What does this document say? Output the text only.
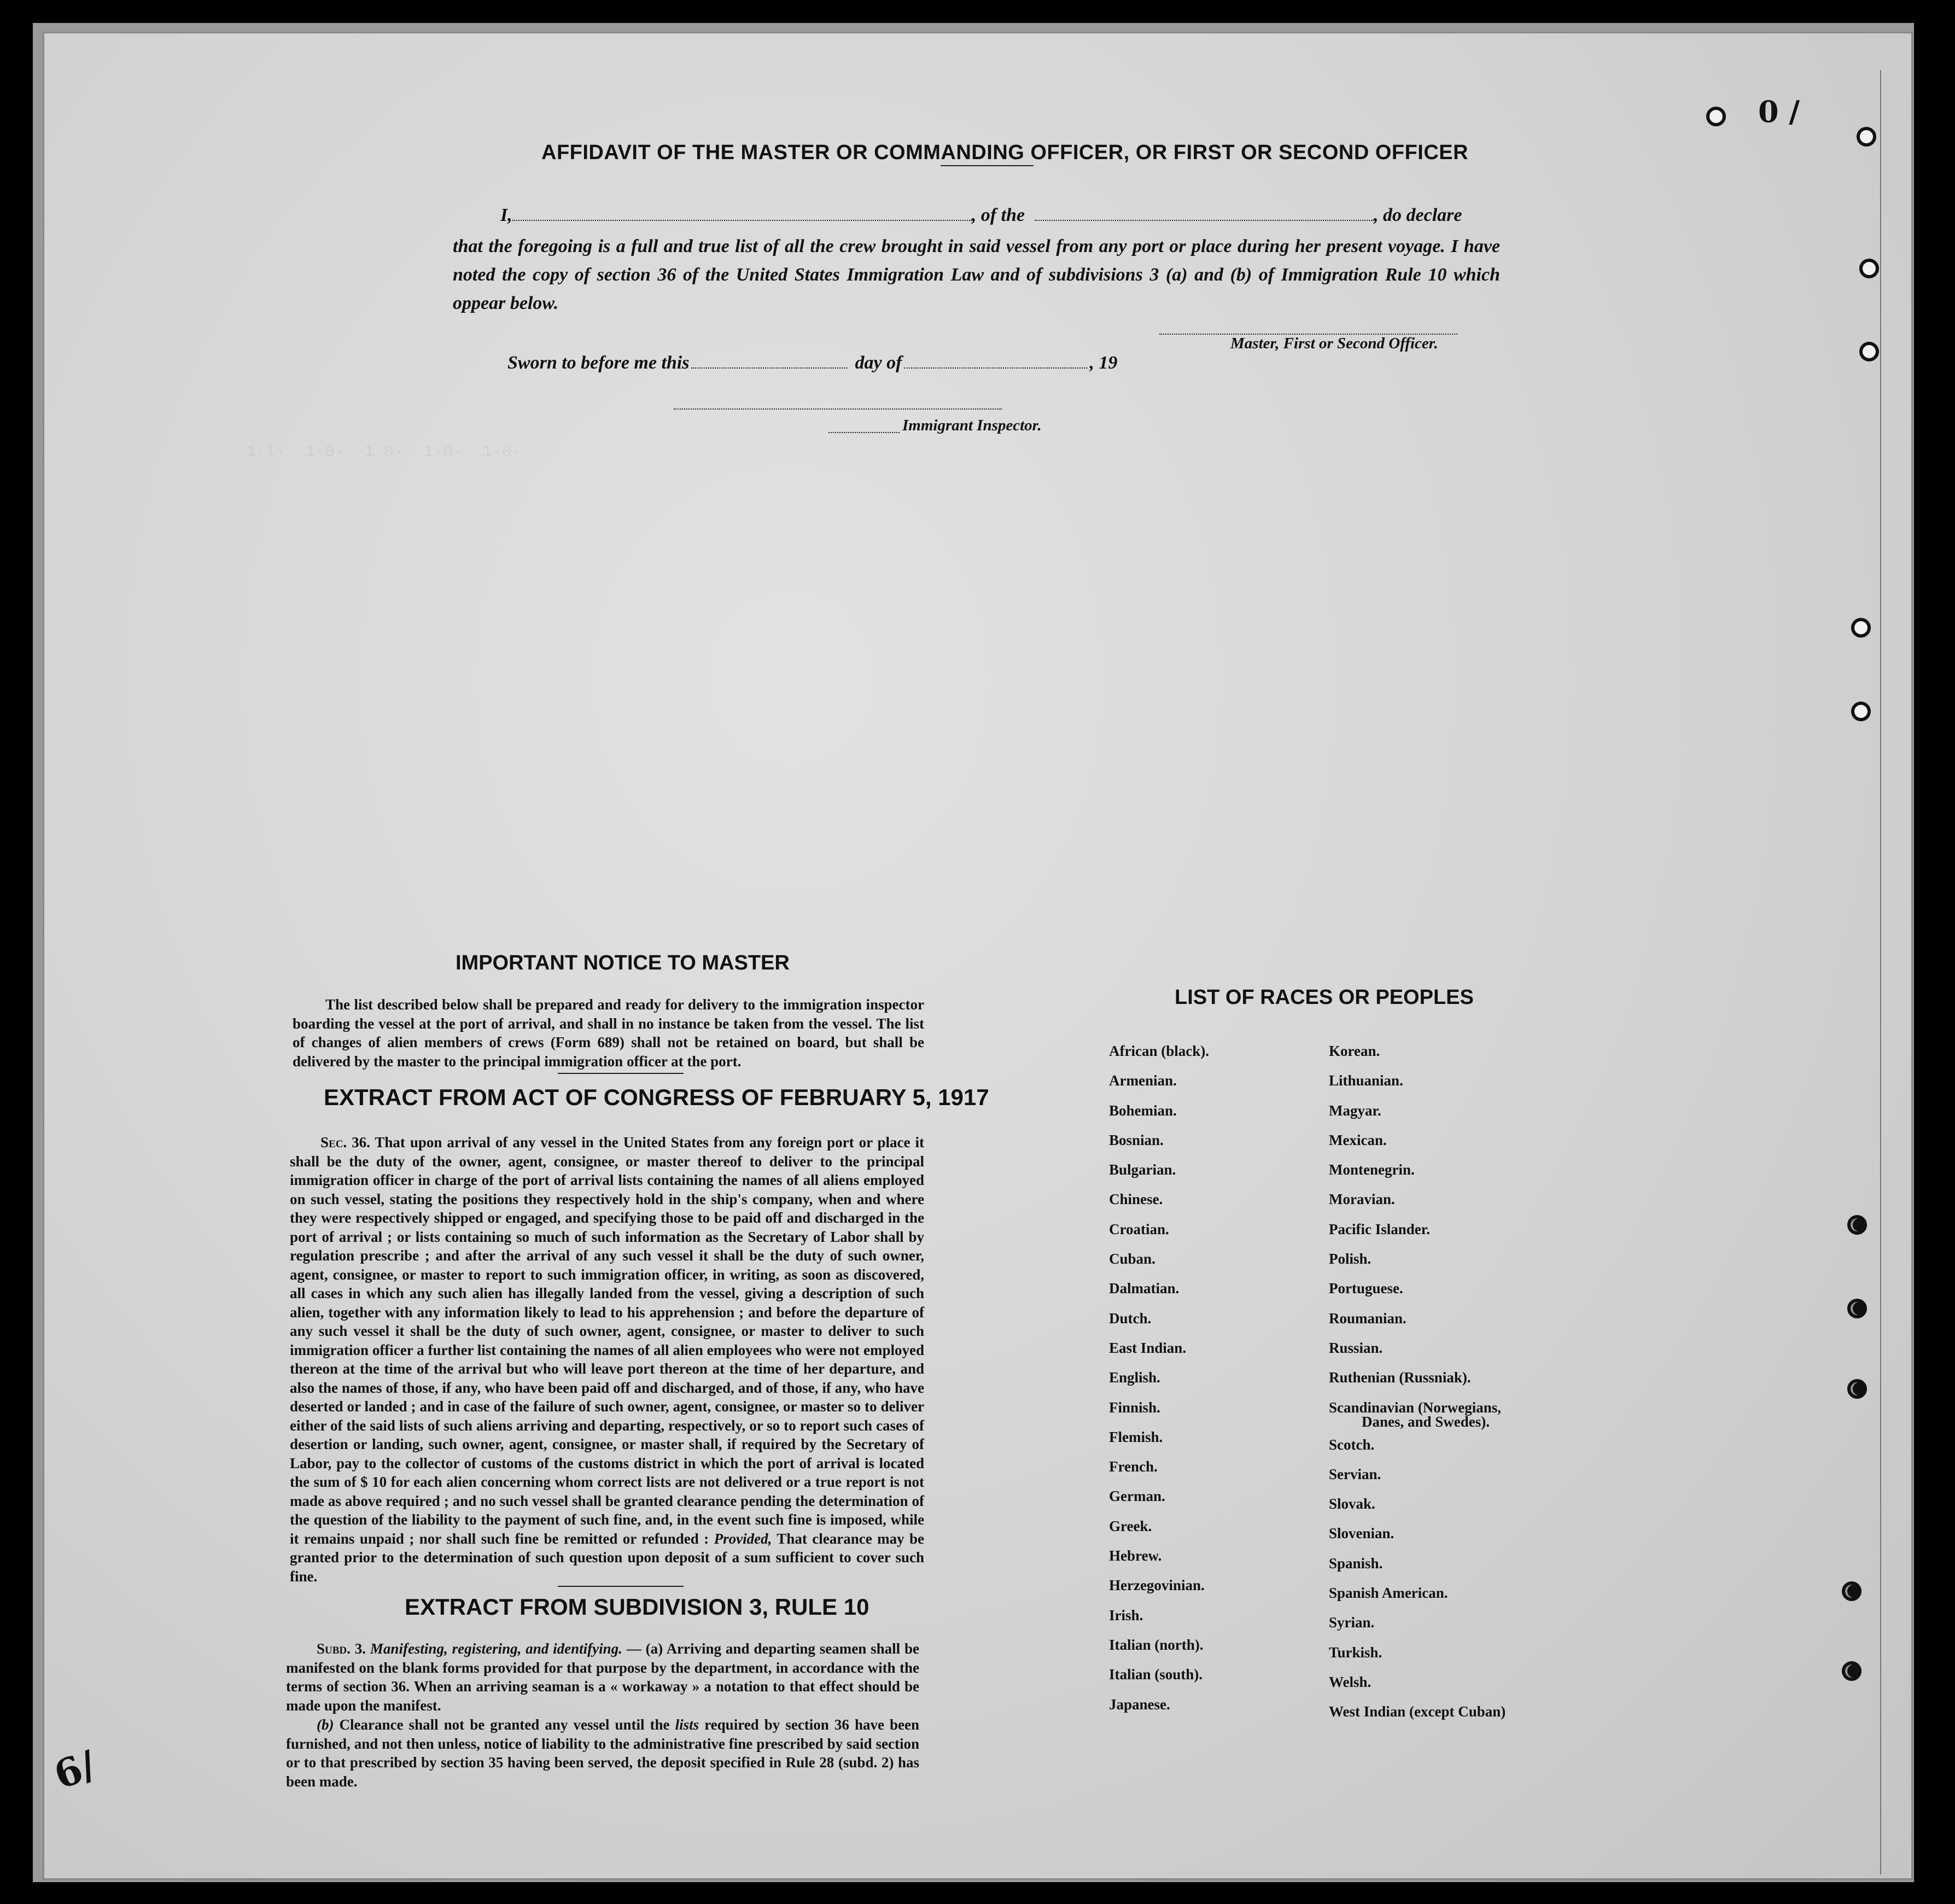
1·I·  1·0·  1·0·  1·0·  1·0·
AFFIDAVIT OF THE MASTER OR COMMANDING OFFICER, OR FIRST OR SECOND OFFICER
I,	, of the	, do declare
that the foregoing is a full and true list of all the crew brought in said vessel from any port or place during her present voyage. I have noted the copy of section 36 of the United States Immigration Law and of subdivisions 3 (a) and (b) of Immigration Rule 10 which oppear below.
Master, First or Second Officer.
Sworn to before me this	day of	, 19
Immigrant Inspector.
IMPORTANT NOTICE TO MASTER
The list described below shall be prepared and ready for delivery to the immigration inspector boarding the vessel at the port of arrival, and shall in no instance be taken from the vessel. The list of changes of alien members of crews (Form 689) shall not be retained on board, but shall be delivered by the master to the principal immigration officer at the port.
EXTRACT FROM ACT OF CONGRESS OF FEBRUARY 5, 1917
Sec. 36. That upon arrival of any vessel in the United States from any foreign port or place it shall be the duty of the owner, agent, consignee, or master thereof to deliver to the principal immigration officer in charge of the port of arrival lists containing the names of all aliens employed on such vessel, stating the positions they respectively hold in the ship's company, when and where they were respectively shipped or engaged, and specifying those to be paid off and discharged in the port of arrival ; or lists containing so much of such information as the Secretary of Labor shall by regulation prescribe ; and after the arrival of any such vessel it shall be the duty of such owner, agent, consignee, or master to report to such immigration officer, in writing, as soon as discovered, all cases in which any such alien has illegally landed from the vessel, giving a description of such alien, together with any information likely to lead to his apprehension ; and before the departure of any such vessel it shall be the duty of such owner, agent, consignee, or master to deliver to such immigration officer a further list containing the names of all alien employees who were not employed thereon at the time of the arrival but who will leave port thereon at the time of her departure, and also the names of those, if any, who have been paid off and discharged, and of those, if any, who have deserted or landed ; and in case of the failure of such owner, agent, consignee, or master so to deliver either of the said lists of such aliens arriving and departing, respectively, or so to report such cases of desertion or landing, such owner, agent, consignee, or master shall, if required by the Secretary of Labor, pay to the collector of customs of the customs district in which the port of arrival is located the sum of $ 10 for each alien concerning whom correct lists are not delivered or a true report is not made as above required ; and no such vessel shall be granted clearance pending the determination of the question of the liability to the payment of such fine, and, in the event such fine is imposed, while it remains unpaid ; nor shall such fine be remitted or refunded : Provided, That clearance may be granted prior to the determination of such question upon deposit of a sum sufficient to cover such fine.
EXTRACT FROM SUBDIVISION 3, RULE 10
Subd. 3. Manifesting, registering, and identifying. — (a) Arriving and departing seamen shall be manifested on the blank forms provided for that purpose by the department, in accordance with the terms of section 36. When an arriving seaman is a « workaway » a notation to that effect should be made upon the manifest.
(b) Clearance shall not be granted any vessel until the lists required by section 36 have been furnished, and not then unless, notice of liability to the administrative fine prescribed by said section or to that prescribed by section 35 having been served, the deposit specified in Rule 28 (subd. 2) has been made.
LIST OF RACES OR PEOPLES
African (black).
Armenian.
Bohemian.
Bosnian.
Bulgarian.
Chinese.
Croatian.
Cuban.
Dalmatian.
Dutch.
East Indian.
English.
Finnish.
Flemish.
French.
German.
Greek.
Hebrew.
Herzegovinian.
Irish.
Italian (north).
Italian (south).
Japanese.
Korean.
Lithuanian.
Magyar.
Mexican.
Montenegrin.
Moravian.
Pacific Islander.
Polish.
Portuguese.
Roumanian.
Russian.
Ruthenian (Russniak).
Scandinavian (Norwegians,
Danes, and Swedes).
Scotch.
Servian.
Slovak.
Slovenian.
Spanish.
Spanish American.
Syrian.
Turkish.
Welsh.
West Indian (except Cuban)
0 /
6/
